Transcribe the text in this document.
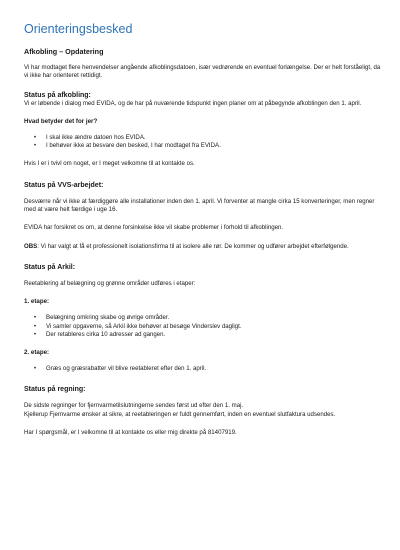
Orienteringsbesked
Afkobling – Opdatering

Vi har modtaget flere henvendelser angående afkoblingsdatoen, især vedrørende en eventuel forlængelse. Der er helt forståeligt, da vi ikke har orienteret rettidigt.

Status på afkobling:

Vi er løbende i dialog med EVIDA, og de har på nuværende tidspunkt ingen planer om at påbegynde afkoblingen den 1. april.

Hvad betyder det for jer?
• I skal ikke ændre datoen hos EVIDA.
• I behøver ikke at besvare den besked, I har modtaget fra EVIDA.

Hvis I er i tvivl om noget, er I meget velkomne til at kontakte os.

Status på VVS-arbejdet:

Desværre når vi ikke at færdiggøre alle installationer inden den 1. april. Vi forventer at mangle cirka 15 konverteringer, men regner med at være helt færdige i uge 16.

EVIDA har forsikret os om, at denne forsinkelse ikke vil skabe problemer i forhold til afkoblingen.

OBS: Vi har valgt at få et professionelt isolationsfirma til at isolere alle rør. De kommer og udfører arbejdet efterfølgende.

Status på Arkil:

Reetablering af belægning og grønne områder udføres i etaper:

1. etape:
• Belægning omkring skabe og øvrige områder.
• Vi samler opgaverne, så Arkil ikke behøver at besøge Vinderslev dagligt.
• Der retableres cirka 10 adresser ad gangen.
2. etape:
• Græs og græsrabatter vil blive reetableret efter den 1. april.
Status på regning:

De sidste regninger for fjernvarmetilslutningerne sendes først ud efter den 1. maj.

Kjellerup Fjernvarme ønsker at sikre, at reetableringen er fuldt gennemført, inden en eventuel slutfaktura udsendes.

Har I spørgsmål, er I velkomne til at kontakte os eller mig direkte på 81407919.
